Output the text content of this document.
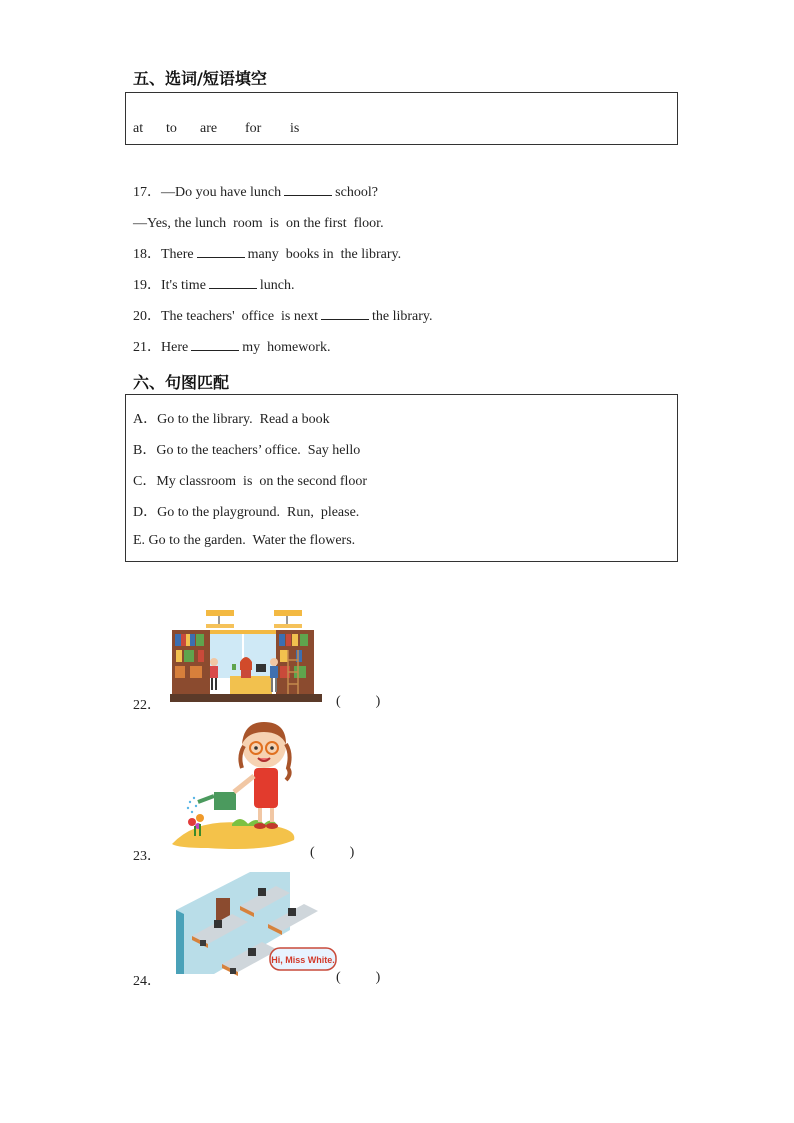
五、选词/短语填空
at to are for is
17．—Do you have lunch	school?
—Yes, the lunch  room  is  on the first  floor.
18．There	many  books in  the library.
19．It's time	lunch.
20．The teachers'  office  is next	the library.
21．Here	my  homework.
六、句图匹配
A．Go to the library.  Read a book
B．Go to the teachers’ office.  Say hello
C．My classroom  is  on the second floor
D．Go to the playground.  Run,  please.
E. Go to the garden.  Water the flowers.
22．	(          )
23．	(          )
Hi, Miss White.
24．	(          )
